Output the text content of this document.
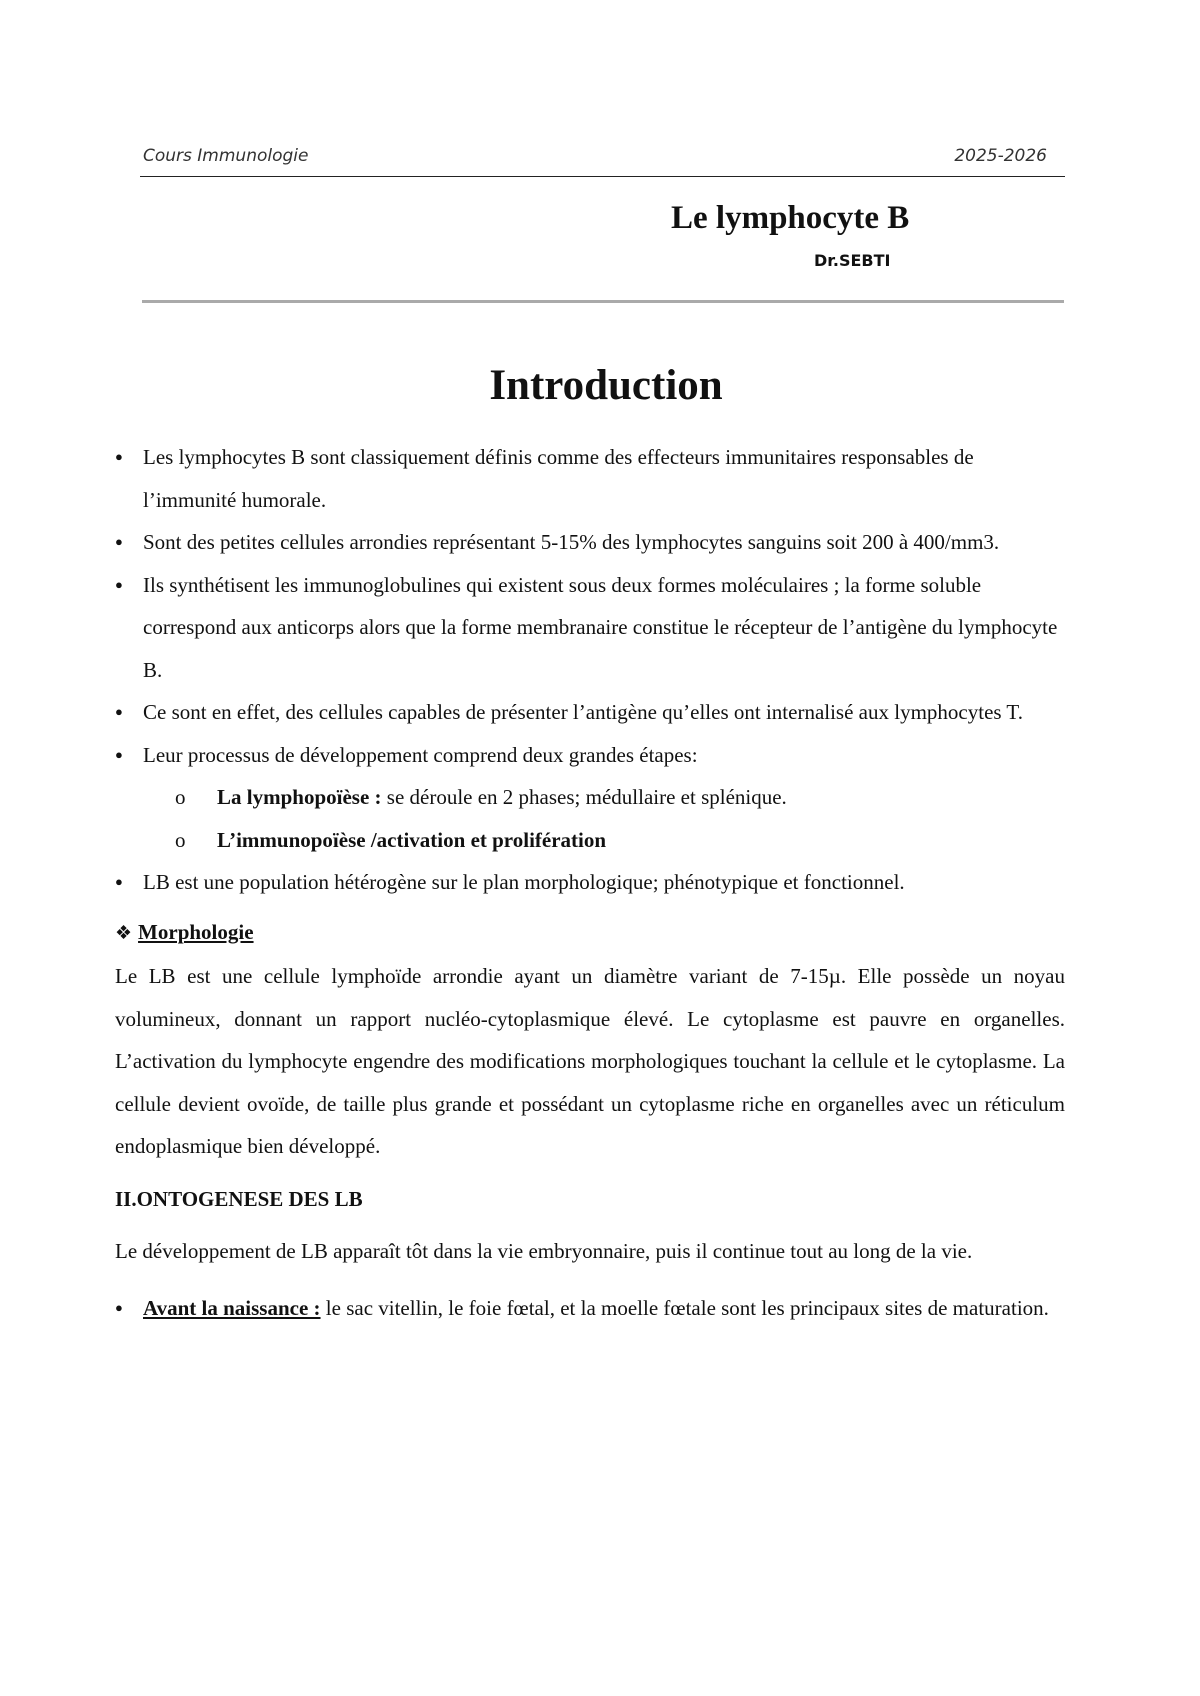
Cours Immunologie	2025-2026
Le lymphocyte B
Dr.SEBTI
Introduction

● Les lymphocytes B sont classiquement définis comme des effecteurs immunitaires responsables de l’immunité humorale.

● Sont des petites cellules arrondies représentant 5-15% des lymphocytes sanguins soit 200 à 400/mm3.

● Ils synthétisent les immunoglobulines qui existent sous deux formes moléculaires ; la forme soluble correspond aux anticorps alors que la forme membranaire constitue le récepteur de l’antigène du lymphocyte B.

● Ce sont en effet, des cellules capables de présenter l’antigène qu’elles ont internalisé aux lymphocytes T.

● Leur processus de développement comprend deux grandes étapes:

o La lymphopoïèse : se déroule en 2 phases; médullaire et splénique.

o L’immunopoïèse /activation et prolifération

● LB est une population hétérogène sur le plan morphologique; phénotypique et fonctionnel.

❖ Morphologie

Le LB est une cellule lymphoïde arrondie ayant un diamètre variant de 7-15µ. Elle possède un noyau volumineux, donnant un rapport nucléo-cytoplasmique élevé. Le cytoplasme est pauvre en organelles. L’activation du lymphocyte engendre des modifications morphologiques touchant la cellule et le cytoplasme. La cellule devient ovoïde, de taille plus grande et possédant un cytoplasme riche en organelles avec un réticulum endoplasmique bien développé.

II.ONTOGENESE DES LB

Le développement de LB apparaît tôt dans la vie embryonnaire, puis il continue tout au long de la vie.

● Avant la naissance : le sac vitellin, le foie fœtal, et la moelle fœtale sont les principaux sites de maturation.
